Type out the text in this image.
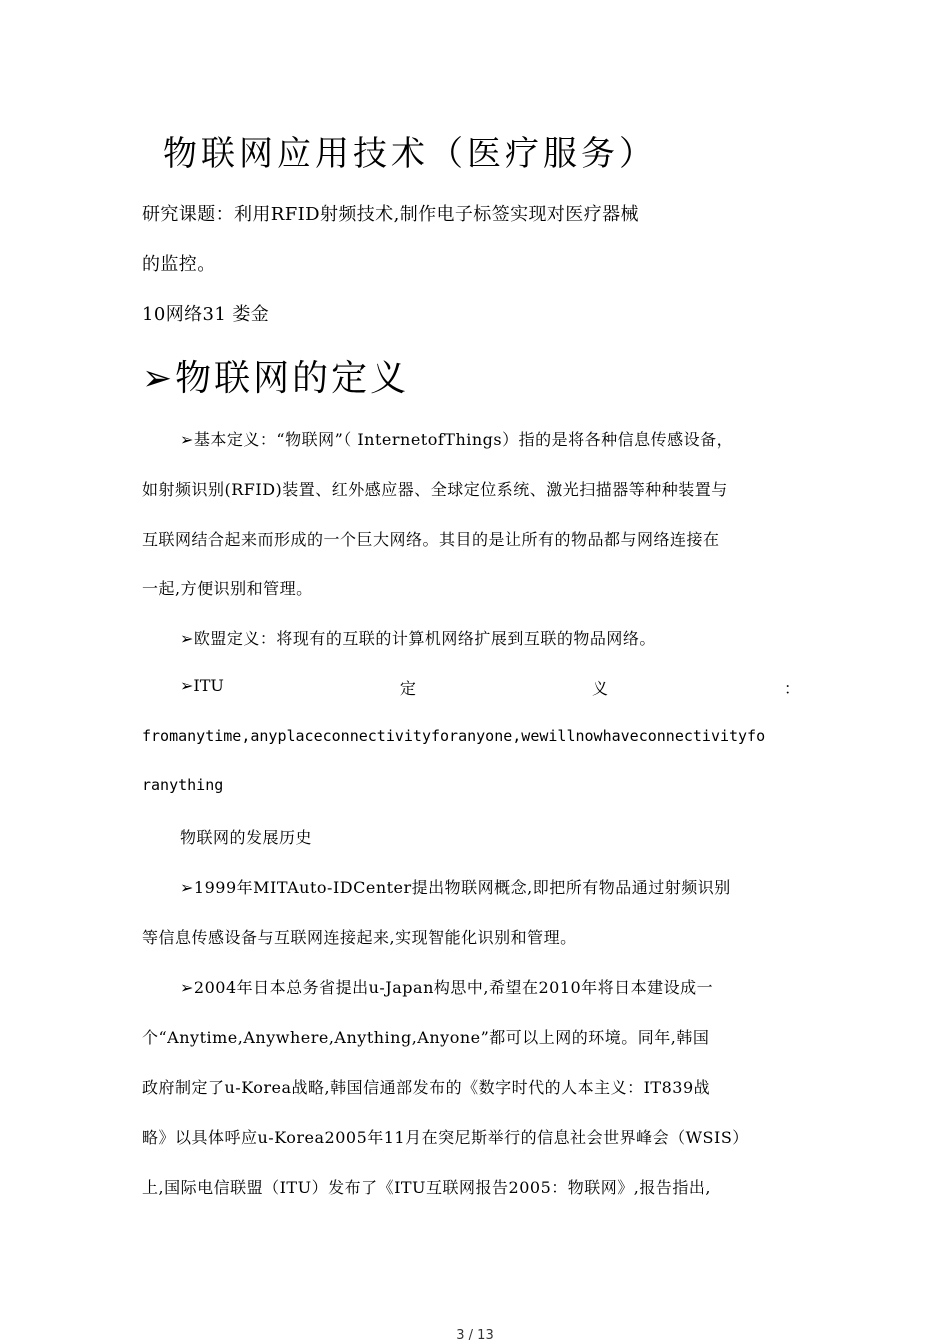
物联网应用技术（医疗服务）
研究课题：利用RFID射频技术,制作电子标签实现对医疗器械
的监控。
10网络31 娄金
➢物联网的定义
➢基本定义：“物联网”（ InternetofThings）指的是将各种信息传感设备，
如射频识别(RFID)装置、红外感应器、全球定位系统、激光扫描器等种种装置与
互联网结合起来而形成的一个巨大网络。其目的是让所有的物品都与网络连接在
一起,方便识别和管理。
➢欧盟定义：将现有的互联的计算机网络扩展到互联的物品网络。
➢ITU	定	义	：
fromanytime,anyplaceconnectivityforanyone,wewillnowhaveconnectivityfo
ranything
物联网的发展历史
➢1999年MITAuto-IDCenter提出物联网概念,即把所有物品通过射频识别
等信息传感设备与互联网连接起来,实现智能化识别和管理。
➢2004年日本总务省提出u-Japan构思中,希望在2010年将日本建设成一
个“Anytime,Anywhere,Anything,Anyone”都可以上网的环境。同年,韩国
政府制定了u-Korea战略,韩国信通部发布的《数字时代的人本主义：IT839战
略》以具体呼应u-Korea2005年11月在突尼斯举行的信息社会世界峰会（WSIS）
上,国际电信联盟（ITU）发布了《ITU互联网报告2005：物联网》,报告指出,
3 / 13
